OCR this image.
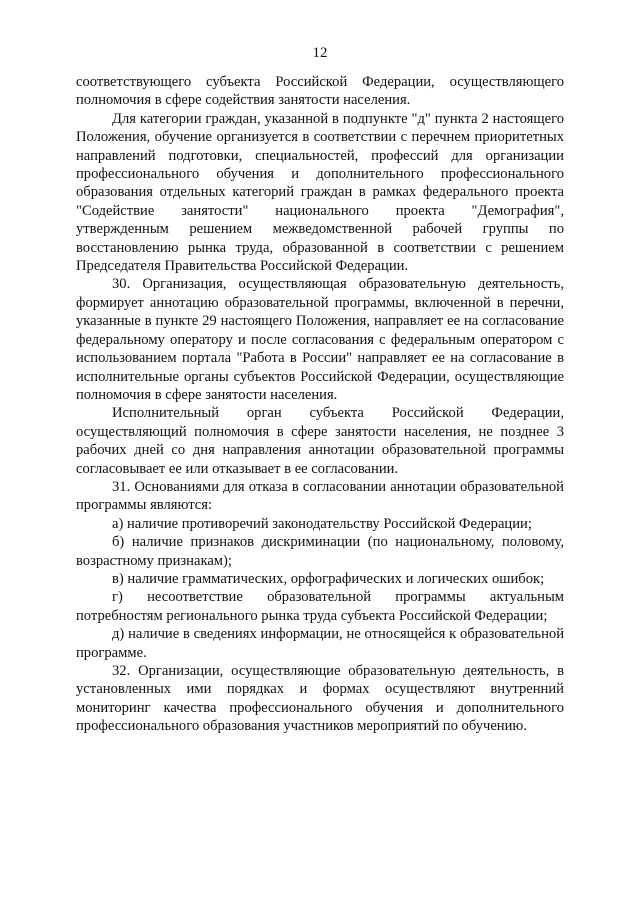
12

соответствующего субъекта Российской Федерации, осуществляющего полномочия в сфере содействия занятости населения.

Для категории граждан, указанной в подпункте "д" пункта 2 настоящего Положения, обучение организуется в соответствии с перечнем приоритетных направлений подготовки, специальностей, профессий для организации профессионального обучения и дополнительного профессионального образования отдельных категорий граждан в рамках федерального проекта "Содействие занятости" национального проекта "Демография", утвержденным решением межведомственной рабочей группы по восстановлению рынка труда, образованной в соответствии с решением Председателя Правительства Российской Федерации.

30. Организация, осуществляющая образовательную деятельность, формирует аннотацию образовательной программы, включенной в перечни, указанные в пункте 29 настоящего Положения, направляет ее на согласование федеральному оператору и после согласования с федеральным оператором с использованием портала "Работа в России" направляет ее на согласование в исполнительные органы субъектов Российской Федерации, осуществляющие полномочия в сфере занятости населения.

Исполнительный орган субъекта Российской Федерации, осуществляющий полномочия в сфере занятости населения, не позднее 3 рабочих дней со дня направления аннотации образовательной программы согласовывает ее или отказывает в ее согласовании.

31. Основаниями для отказа в согласовании аннотации образовательной программы являются:

а) наличие противоречий законодательству Российской Федерации;

б) наличие признаков дискриминации (по национальному, половому, возрастному признакам);

в) наличие грамматических, орфографических и логических ошибок;

г) несоответствие образовательной программы актуальным потребностям регионального рынка труда субъекта Российской Федерации;

д) наличие в сведениях информации, не относящейся к образовательной программе.

32. Организации, осуществляющие образовательную деятельность, в установленных ими порядках и формах осуществляют внутренний мониторинг качества профессионального обучения и дополнительного профессионального образования участников мероприятий по обучению.
